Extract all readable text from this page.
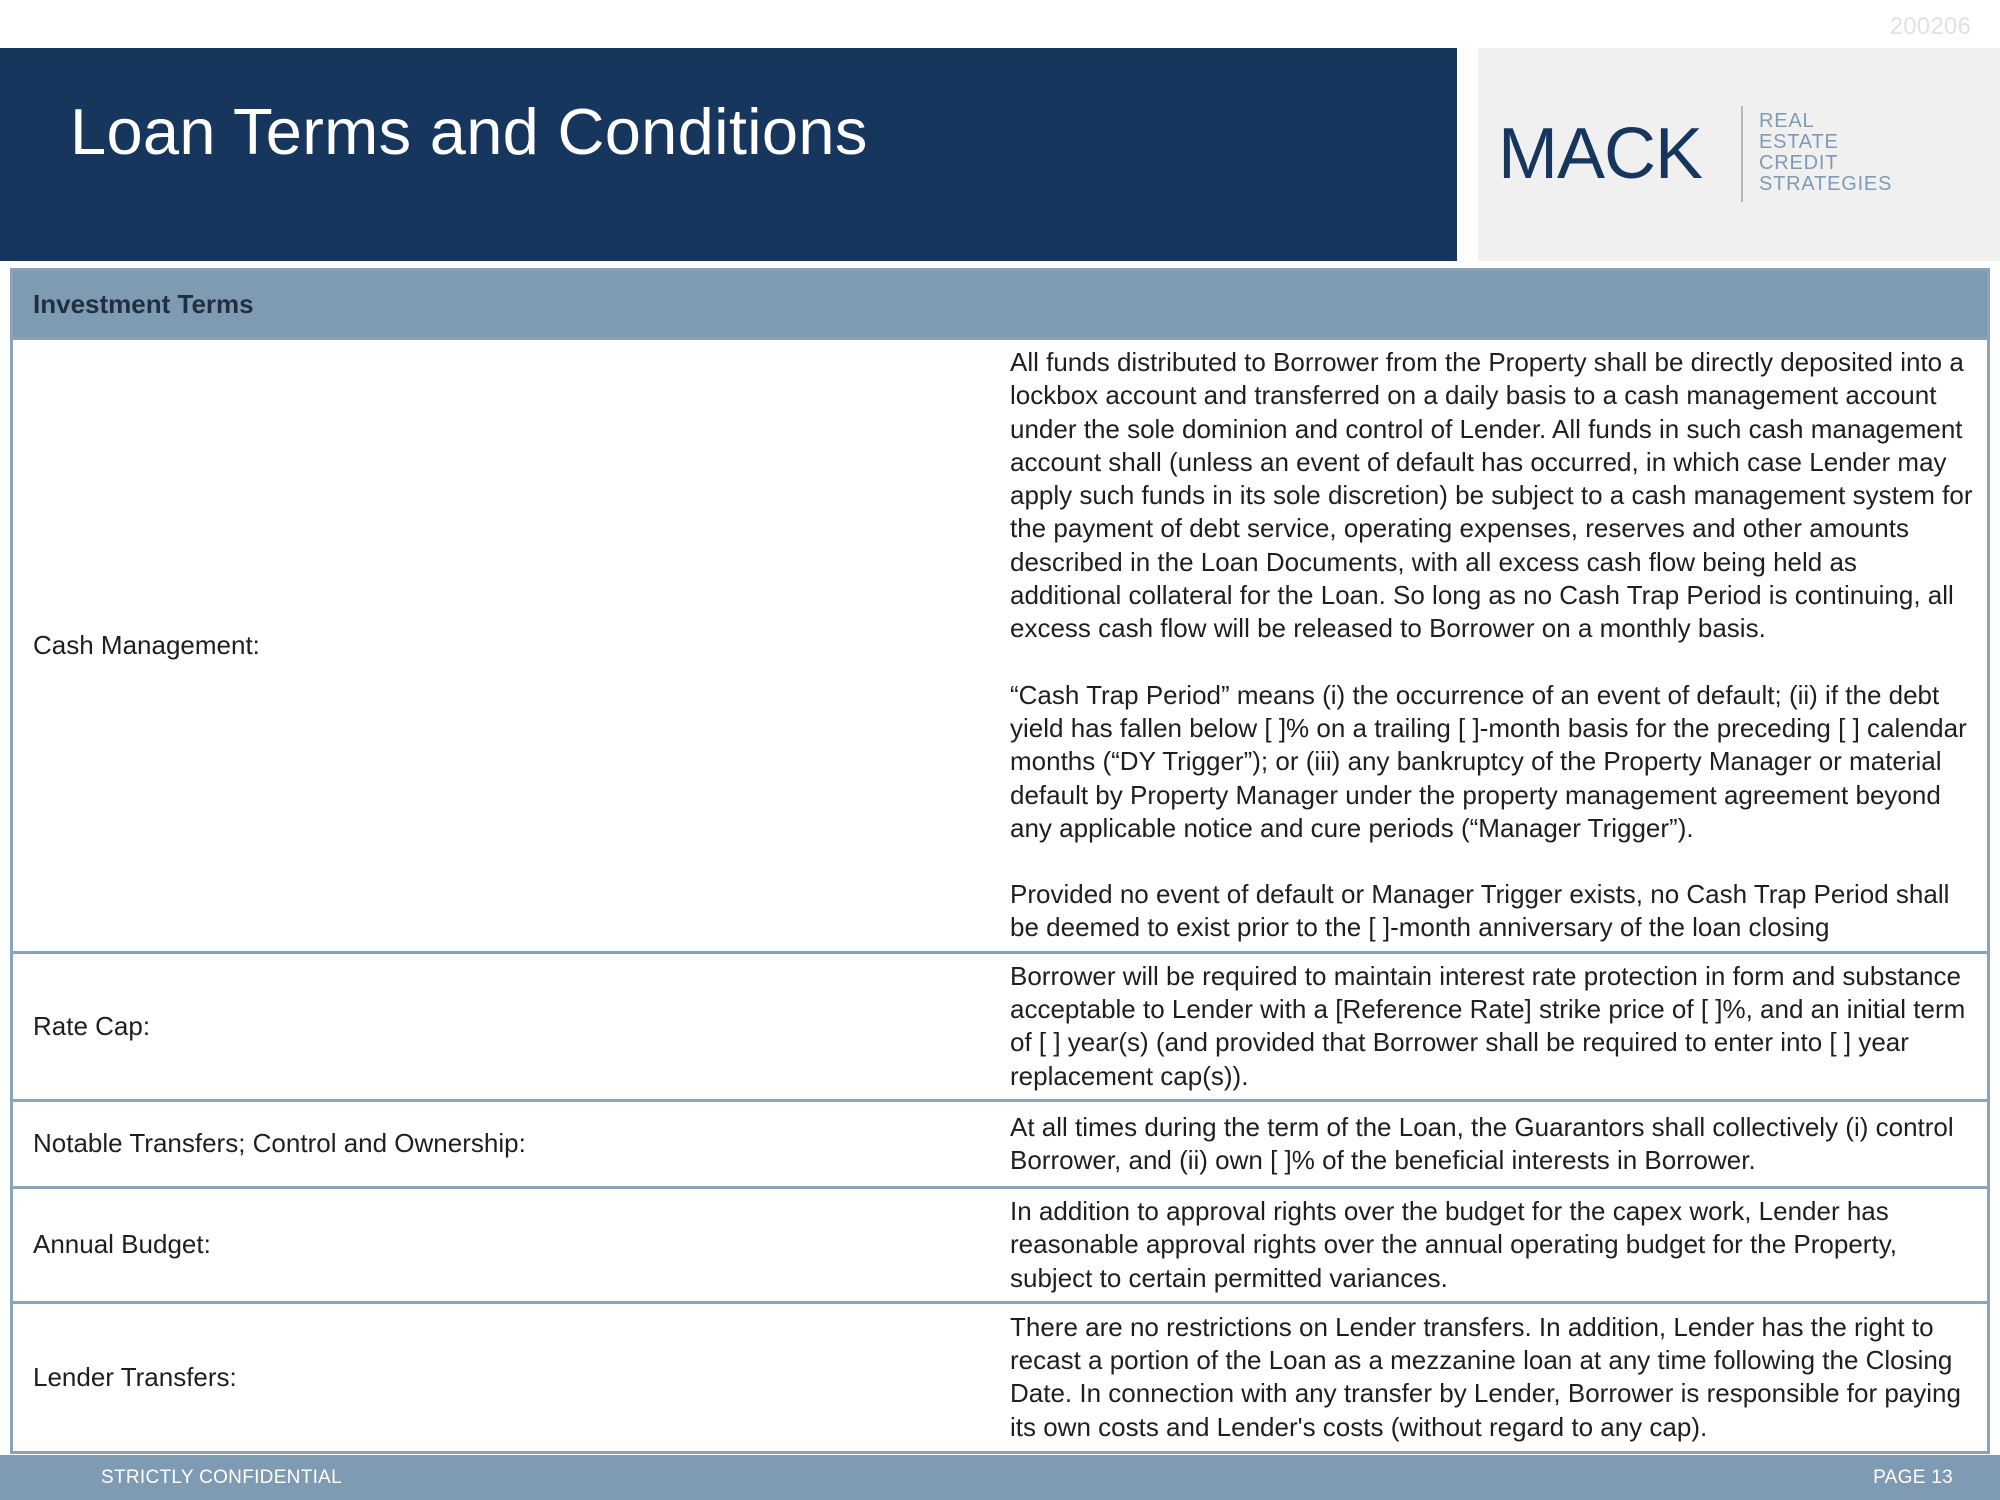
200206
Loan Terms and Conditions	MACK	REAL
ESTATE
CREDIT
STRATEGIES
Investment Terms	
Cash Management:	All funds distributed to Borrower from the Property shall be directly deposited into a lockbox account and transferred on a daily basis to a cash management account under the sole dominion and control of Lender. All funds in such cash management account shall (unless an event of default has occurred, in which case Lender may apply such funds in its sole discretion) be subject to a cash management system for the payment of debt service, operating expenses, reserves and other amounts described in the Loan Documents, with all excess cash flow being held as additional collateral for the Loan. So long as no Cash Trap Period is continuing, all excess cash flow will be released to Borrower on a monthly basis.

“Cash Trap Period” means (i) the occurrence of an event of default; (ii) if the debt yield has fallen below [ ]% on a trailing [ ]-month basis for the preceding [ ] calendar months (“DY Trigger”); or (iii) any bankruptcy of the Property Manager or material default by Property Manager under the property management agreement beyond any applicable notice and cure periods (“Manager Trigger”).

Provided no event of default or Manager Trigger exists, no Cash Trap Period shall be deemed to exist prior to the [ ]-month anniversary of the loan closing

Rate Cap:	Borrower will be required to maintain interest rate protection in form and substance acceptable to Lender with a [Reference Rate] strike price of [ ]%, and an initial term of [ ] year(s) (and provided that Borrower shall be required to enter into [ ] year replacement cap(s)).

Notable Transfers; Control and Ownership:	At all times during the term of the Loan, the Guarantors shall collectively (i) control Borrower, and (ii) own [ ]% of the beneficial interests in Borrower.

Annual Budget:	In addition to approval rights over the budget for the capex work, Lender has reasonable approval rights over the annual operating budget for the Property, subject to certain permitted variances.

Lender Transfers:	There are no restrictions on Lender transfers. In addition, Lender has the right to recast a portion of the Loan as a mezzanine loan at any time following the Closing Date. In connection with any transfer by Lender, Borrower is responsible for paying its own costs and Lender's costs (without regard to any cap).

STRICTLY CONFIDENTIAL	PAGE 13
